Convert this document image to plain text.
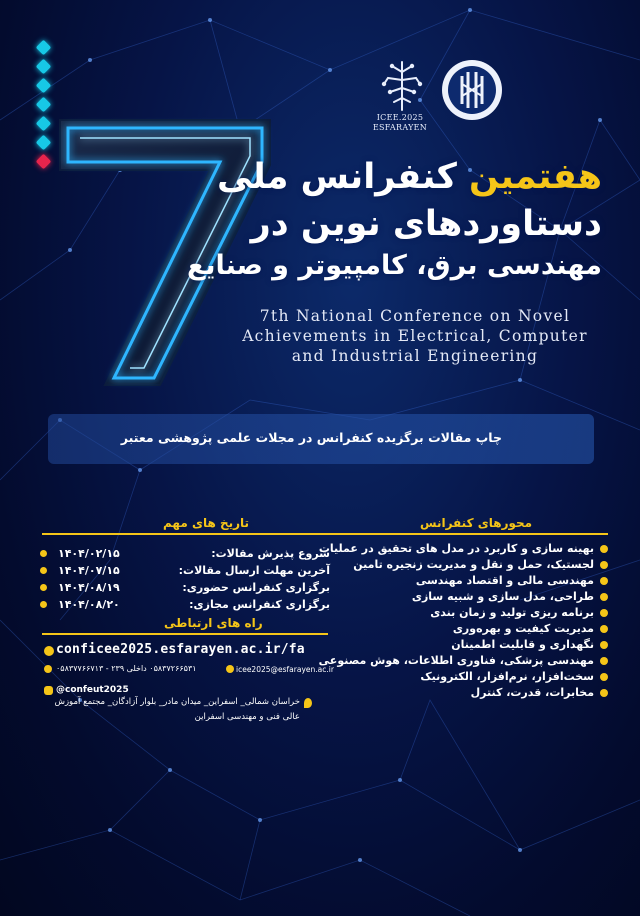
ICEE.2025
ESFARAYEN
هفتمین کنفرانس ملی
دستاوردهای نوین در
مهندسی برق، کامپیوتر و صنایع
7th National Conference on Novel
Achievements in Electrical, Computer
and Industrial Engineering
چاپ مقالات برگزیده کنفرانس در مجلات علمی پژوهشی معتبر
محورهای کنفرانس
تاریخ های مهم
بهینه سازی و کاربرد در مدل های تحقیق در عملیات
لجستیک، حمل و نقل و مدیریت زنجیره تامین
مهندسی مالی و اقتصاد مهندسی
طراحی، مدل سازی و شبیه سازی
برنامه ریزی تولید و زمان بندی
مدیریت کیفیت و بهره‌وری
نگهداری و قابلیت اطمینان
مهندسی پزشکی، فناوری اطلاعات، هوش مصنوعی
سخت‌افزار، نرم‌افزار، الکترونیک
مخابرات، قدرت، کنترل
شروع پذیرش مقالات:۱۴۰۴/۰۲/۱۵
آخرین مهلت ارسال مقالات:۱۴۰۴/۰۷/۱۵
برگزاری کنفرانس حضوری:۱۴۰۴/۰۸/۱۹
برگزاری کنفرانس مجازی:۱۴۰۴/۰۸/۲۰
راه های ارتباطی
conficee2025.esfarayen.ac.ir/fa
۰۵۸۳۷۲۶۶۵۳۱ داخلی ۲۳۹ - ۰۵۸۳۷۷۶۶۷۱۳	icee2025@esfarayen.ac.ir
@confeut2025
خراسان شمالی_ اسفراین_ میدان مادر_ بلوار آزادگان_ مجتمع آموزش
عالی فنی و مهندسی اسفراین
